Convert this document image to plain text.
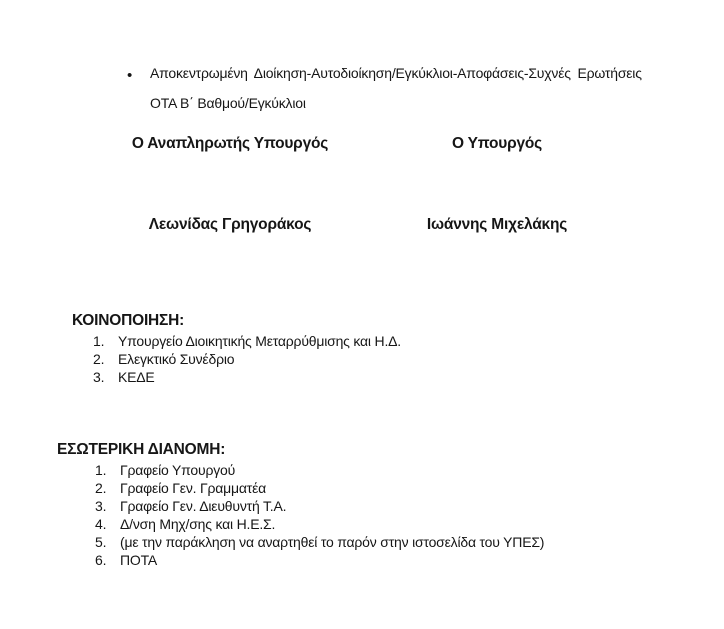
• Αποκεντρωμένη Διοίκηση-Αυτοδιοίκηση/Εγκύκλιοι-Αποφάσεις-Συχνές Ερωτήσεις
ΟΤΑ Β΄ Βαθμού/Εγκύκλιοι
Ο Αναπληρωτής Υπουργός	Ο Υπουργός
Λεωνίδας Γρηγοράκος	Ιωάννης Μιχελάκης
ΚΟΙΝΟΠΟΙΗΣΗ:
1. Υπουργείο Διοικητικής Μεταρρύθμισης και Η.Δ.
2. Ελεγκτικό Συνέδριο
3. ΚΕΔΕ
ΕΣΩΤΕΡΙΚΗ ΔΙΑΝΟΜΗ:
1. Γραφείο Υπουργού
2. Γραφείο Γεν. Γραμματέα
3. Γραφείο Γεν. Διευθυντή Τ.Α.
4. Δ/νση Μηχ/σης και Η.Ε.Σ.
5. (με την παράκληση να αναρτηθεί το παρόν στην ιστοσελίδα του ΥΠΕΣ)
6. ΠΟΤΑ
